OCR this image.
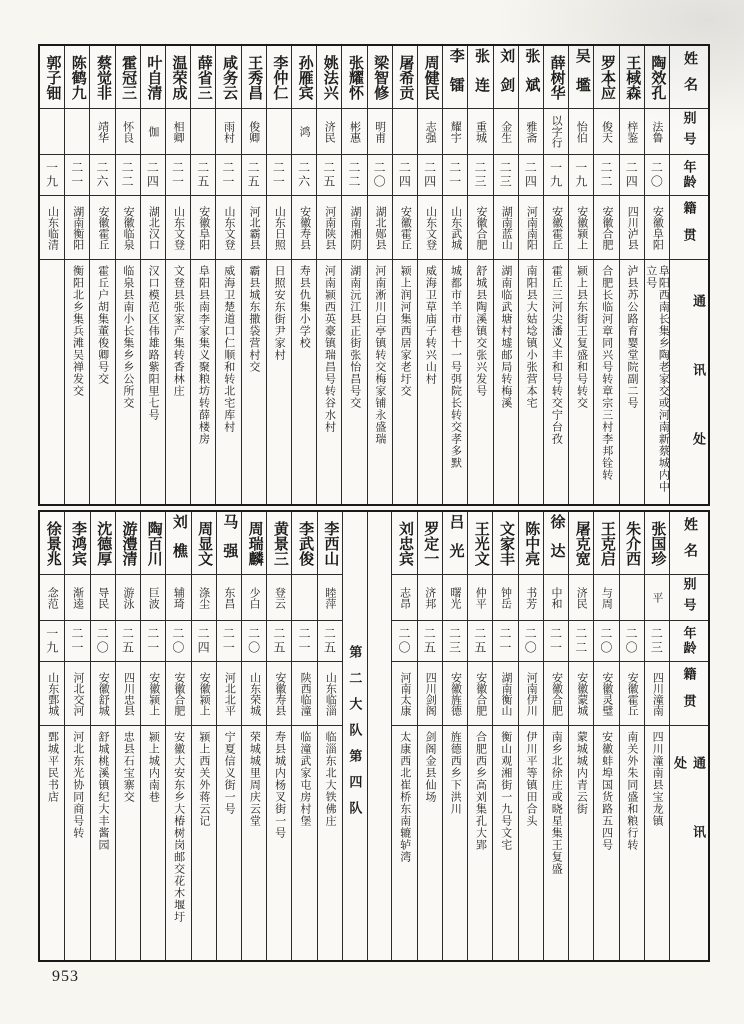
姓名
别号
年龄
籍贯
通讯处
陶效孔
法鲁
二〇
安徽阜阳
阜阳西南长集乡陶老家交或河南新蔡城内中立号
王棫森
梓鉴
二四
四川泸县
泸县苏公路育婴堂院副二号
罗本应
俊天
二二
安徽合肥
合肥长临河章同兴号转章宗三村李邦铨转
吴壏
怡伯
一九
安徽颍上
颍上县东街王复盛和号转交
薛树华
以字行
一九
安徽霍丘
霍丘三河尖潘义丰和号转交宁台孜
张斌
雅斋
二四
河南南阳
南阳县大姑埝镇小张营本宅
刘剑
金生
二三
湖南蓝山
湖南临武塘村墟邮局转梅溪
张连
重城
二三
安徽合肥
舒城县陶溪镇交张兴发号
李镭
耀宇
二一
山东武城
城都市羊市巷十一号弭院长转交孝多默
周健民
志强
二四
山东文登
威海卫草庙子转兴山村
屠希贡
二四
安徽霍丘
颍上润河集西居家老圩交
梁智修
明甫
二〇
湖北郧县
河南淅川白亭镇转交梅家铺永盛瑞
张耀怀
彬惠
二二
湖南湘阴
湖南沅江县正街张怡昌号交
姚法兴
济民
二五
河南陕县
河南颍西英豪镇瑞昌号转谷水村
孙雁宾
鸿
二六
安徽寿县
寿县仇集小学校
李仲仁
二一
山东日照
日照安东街尹家村
王秀昌
俊卿
二五
河北霸县
霸县城东撒袋营村交
咸务云
雨村
二一
山东文登
威海卫楚道口仁顺和转北宅库村
薛省三
二五
安徽阜阳
阜阳县南李家集义聚粮坊转薛楼房
温荣成
相卿
二一
山东文登
文登县张家产集转香林庄
叶自清
伽
二四
湖北汉口
汉口模范区伟雄路紫阳里七号
霍冠三
怀良
二二
安徽临泉
临泉县南小长集乡乡公所交
蔡觉非
靖华
二六
安徽霍丘
霍丘户胡集董俊卿号交
陈鹤九
二一
湖南衡阳
衡阳北乡集兵滩吴禅发交
郭子钿
一九
山东临清
姓名
别号
年龄
籍贯
通讯处
张国珍
平
二三
四川潼南
四川潼南县宝龙镇
朱介西
二〇
安徽霍丘
南关外朱同盛和粮行转
王克启
与周
二〇
安徽灵璧
安徽蚌埠国货路五四号
屠克宽
济民
二二
安徽蒙城
蒙城城内青云街
徐达
中和
二一
安徽合肥
南乡北徐庄或晓星集王复盛
陈中亮
书芳
二〇
河南伊川
伊川平等镇田合头
文家丰
钟岳
二一
湖南衡山
衡山观湘街一九号文宅
王光文
仲平
二五
安徽合肥
合肥西乡高刘集孔大郢
吕光
曙光
二三
安徽旌德
旌德西乡下洪川
罗定一
济邦
二五
四川剑阁
剑阁金县仙场
刘忠宾
志昂
二〇
河南太康
太康西北崔桥东南辘轳湾
第二大队第四队
李西山
睦萍
二五
山东临淄
临淄东北大铁佛庄
李武俊
二一
陕西临潼
临潼武家屯房村堡
黄景三
登云
二五
安徽寿县
寿县城内杨叉街一号
周瑞麟
少白
二〇
山东荣城
荣城城里周庆云堂
马强
东昌
二一
河北北平
宁夏信义街一号
周显文
涤尘
二四
安徽颍上
颍上西关外蒋云记
刘樵
辅琦
二〇
安徽合肥
安徽大安东乡大椿树岗邮交花木堰圩
陶百川
巨波
二一
安徽颍上
颍上城内南巷
游澧清
游泳
二五
四川忠县
忠县石宝寨交
沈德厚
导民
二〇
安徽舒城
舒城桃溪镇纪大丰酱园
李鸿宾
渐逵
二一
河北交河
河北东光协同商号转
徐景兆
念范
一九
山东鄄城
鄄城平民书店
953
